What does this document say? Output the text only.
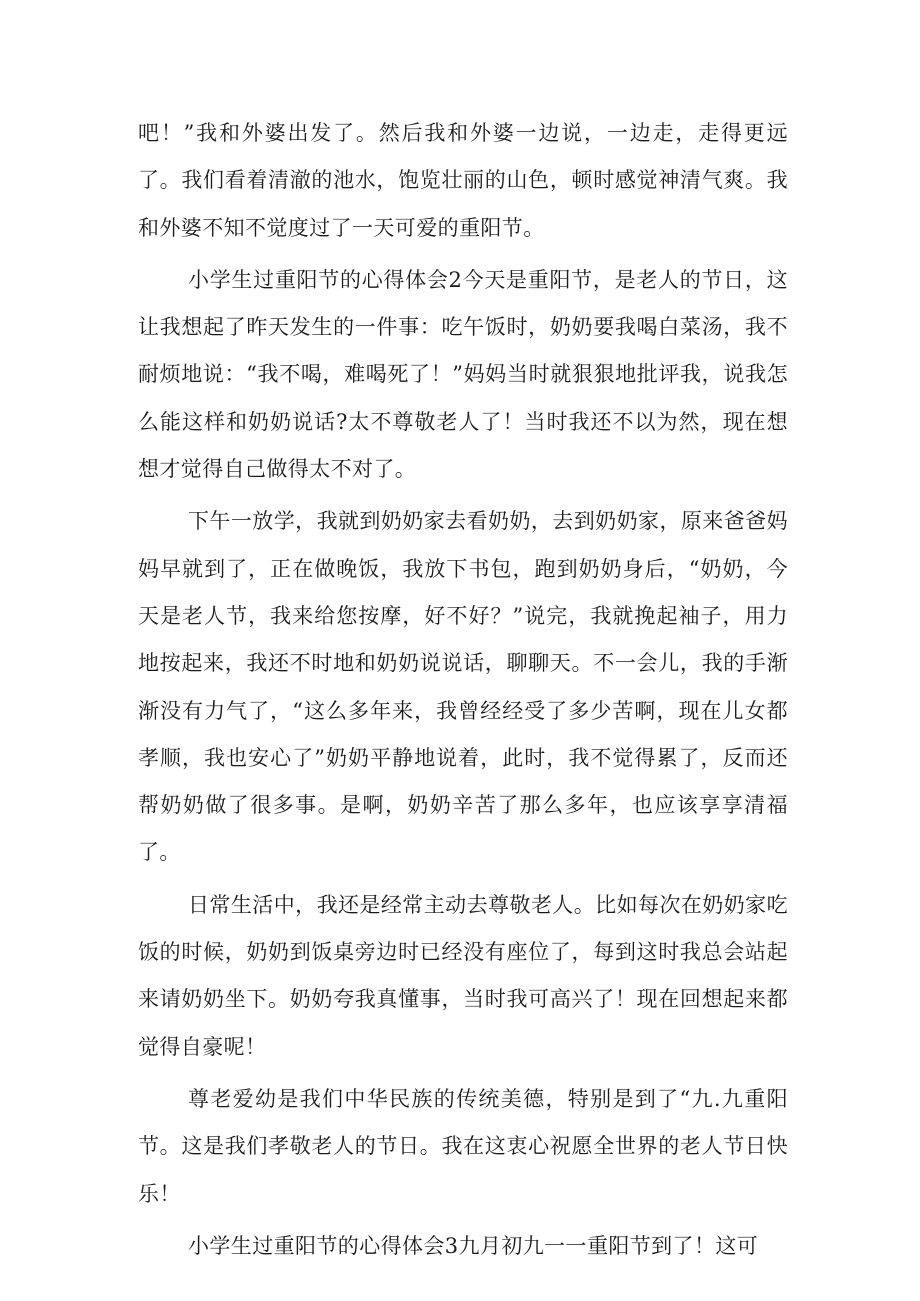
吧！”我和外婆出发了。然后我和外婆一边说，一边走，走得更远了。我们看着清澈的池水，饱览壮丽的山色，顿时感觉神清气爽。我和外婆不知不觉度过了一天可爱的重阳节。

小学生过重阳节的心得体会2今天是重阳节，是老人的节日，这让我想起了昨天发生的一件事：吃午饭时，奶奶要我喝白菜汤，我不耐烦地说：“我不喝，难喝死了！”妈妈当时就狠狠地批评我，说我怎么能这样和奶奶说话?太不尊敬老人了！当时我还不以为然，现在想想才觉得自己做得太不对了。

下午一放学，我就到奶奶家去看奶奶，去到奶奶家，原来爸爸妈妈早就到了，正在做晚饭，我放下书包，跑到奶奶身后，“奶奶，今天是老人节，我来给您按摩，好不好？”说完，我就挽起袖子，用力地按起来，我还不时地和奶奶说说话，聊聊天。不一会儿，我的手渐渐没有力气了，“这么多年来，我曾经经受了多少苦啊，现在儿女都孝顺，我也安心了”奶奶平静地说着，此时，我不觉得累了，反而还帮奶奶做了很多事。是啊，奶奶辛苦了那么多年，也应该享享清福了。

日常生活中，我还是经常主动去尊敬老人。比如每次在奶奶家吃饭的时候，奶奶到饭桌旁边时已经没有座位了，每到这时我总会站起来请奶奶坐下。奶奶夸我真懂事，当时我可高兴了！现在回想起来都觉得自豪呢！

尊老爱幼是我们中华民族的传统美德，特别是到了“九.九重阳节。这是我们孝敬老人的节日。我在这衷心祝愿全世界的老人节日快乐！

小学生过重阳节的心得体会3九月初九一一重阳节到了！这可
